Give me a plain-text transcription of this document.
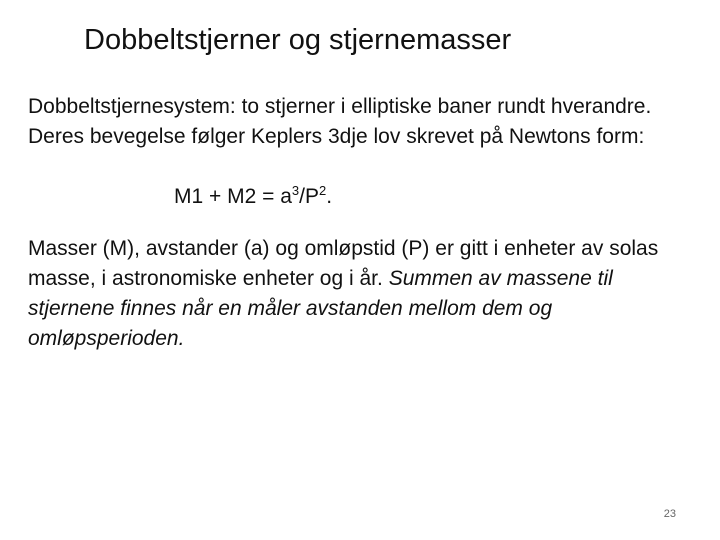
Dobbeltstjerner og stjernemasser

Dobbeltstjernesystem: to stjerner i elliptiske baner rundt hverandre. Deres bevegelse følger Keplers 3dje lov skrevet på Newtons form:

$M1 + M2 = a^3/P^2$.

Masser (M), avstander (a) og omløpstid (P) er gitt i enheter av solas masse, i astronomiske enheter og i år. Summen av massene til stjernene finnes når en måler avstanden mellom dem og omløpsperioden.

23
